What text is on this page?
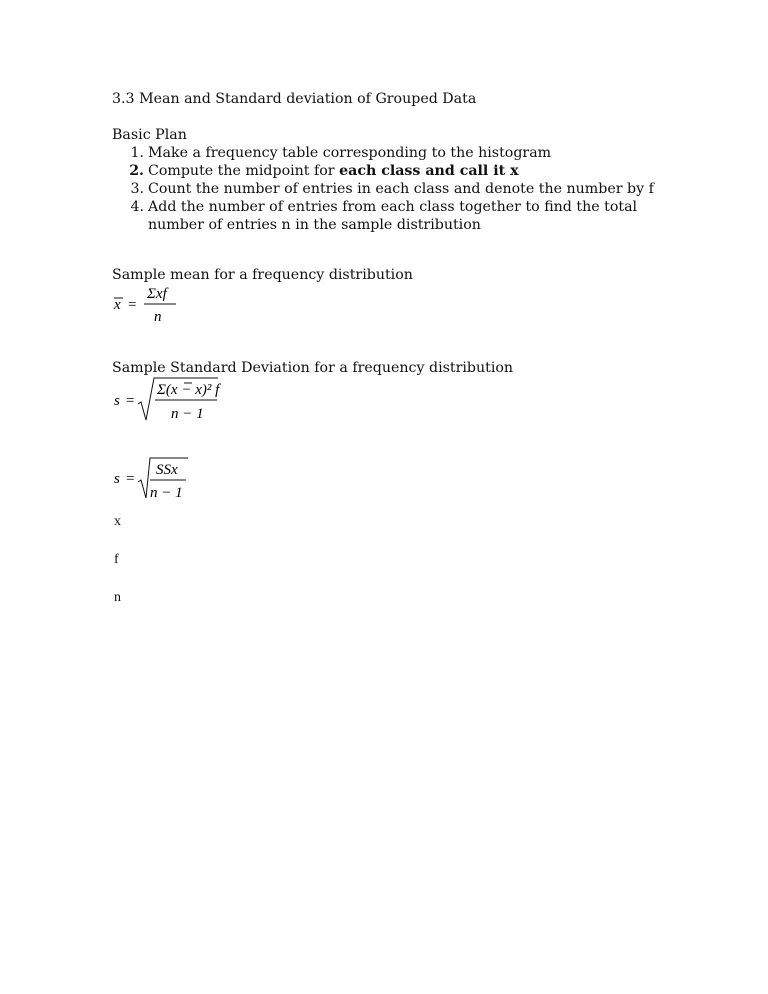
3.3 Mean and Standard deviation of Grouped Data
Basic Plan
1. Make a frequency table corresponding to the histogram
2. Compute the midpoint for each class and call it x
3. Count the number of entries in each class and denote the number by f
4. Add the number of entries from each class together to find the total number of entries n in the sample distribution
Sample mean for a frequency distribution
x =
Σxf
n
Sample Standard Deviation for a frequency distribution
s =
Σ(x − x)² f
n − 1
s =
SSx
n − 1
x
f
n
